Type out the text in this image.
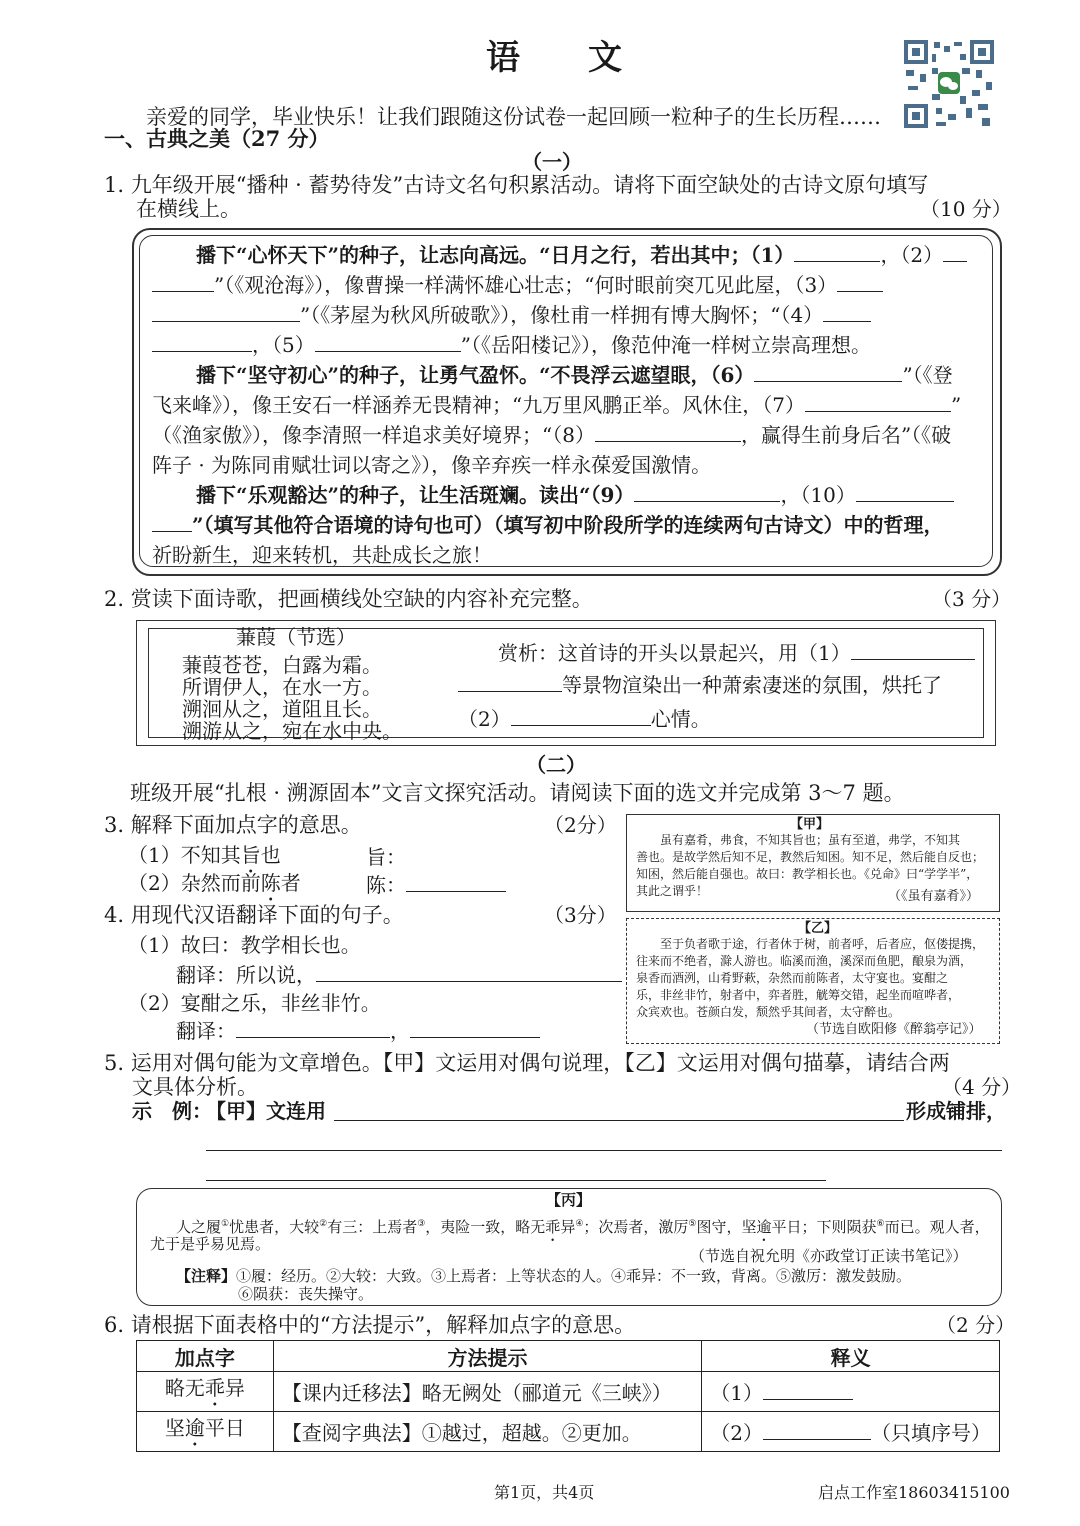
语　　文
亲爱的同学，毕业快乐！让我们跟随这份试卷一起回顾一粒种子的生长历程……
一、古典之美（27 分）
（一）
1. 九年级开展“播种 · 蓄势待发”古诗文名句积累活动。请将下面空缺处的古诗文原句填写
在横线上。	（10 分）
播下“心怀天下”的种子，让志向高远。“日月之行，若出其中；（1）	，（2）
”（《观沧海》），像曹操一样满怀雄心壮志；“何时眼前突兀见此屋，（3）
”（《茅屋为秋风所破歌》），像杜甫一样拥有博大胸怀；“（4）
，（5）	”（《岳阳楼记》），像范仲淹一样树立崇高理想。
播下“坚守初心”的种子，让勇气盈怀。“不畏浮云遮望眼，（6）	”（《登
飞来峰》），像王安石一样涵养无畏精神；“九万里风鹏正举。风休住，（7）	”
（《渔家傲》），像李清照一样追求美好境界；“（8）	，赢得生前身后名”（《破
阵子 · 为陈同甫赋壮词以寄之》），像辛弃疾一样永葆爱国激情。
播下“乐观豁达”的种子，让生活斑斓。读出“（9）	，（10）
”（填写其他符合语境的诗句也可）（填写初中阶段所学的连续两句古诗文）中的哲理，
祈盼新生，迎来转机，共赴成长之旅！
2. 赏读下面诗歌，把画横线处空缺的内容补充完整。	（3 分）
蒹葭（节选）
蒹葭苍苍，白露为霜。
所谓伊人，在水一方。
溯洄从之，道阻且长。
溯游从之，宛在水中央。
赏析：这首诗的开头以景起兴，用（1）
等景物渲染出一种萧索凄迷的氛围，烘托了
（2）	心情。
（二）
班级开展“扎根 · 溯源固本”文言文探究活动。请阅读下面的选文并完成第 3～7 题。
3. 解释下面加点字的意思。	（2分）
（1）不知其旨也	旨：
（2）杂然而前陈者	陈：
4. 用现代汉语翻译下面的句子。	（3分）
（1）故曰：教学相长也。
翻译：所以说，
（2）宴酣之乐，非丝非竹。
翻译：	，
【甲】
　　虽有嘉肴，弗食，不知其旨也；虽有至道，弗学，不知其
善也。是故学然后知不足，教然后知困。知不足，然后能自反也；
知困，然后能自强也。故曰：教学相长也。《兑命》曰“学学半”，
其此之谓乎！	（《虽有嘉肴》）
【乙】
　　至于负者歌于途，行者休于树，前者呼，后者应，伛偻提携，
往来而不绝者，滁人游也。临溪而渔，溪深而鱼肥，酿泉为酒，
泉香而酒洌，山肴野蔌，杂然而前陈者，太守宴也。宴酣之
乐，非丝非竹，射者中，弈者胜，觥筹交错，起坐而喧哗者，
众宾欢也。苍颜白发，颓然乎其间者，太守醉也。
（节选自欧阳修《醉翁亭记》）
5. 运用对偶句能为文章增色。【甲】文运用对偶句说理，【乙】文运用对偶句描摹，请结合两
文具体分析。	（4 分）
示　例：
【甲】文连用	形成铺排，
【丙】
人之履①忧患者，大较②有三：上焉者③，夷险一致，略无乖异④；次焉者，激厉⑤图守，坚逾平日；下则陨获⑥而已。观人者，
尤于是乎易见焉。
（节选自祝允明《亦政堂订正读书笔记》）
【注释】①履：经历。②大较：大致。③上焉者：上等状态的人。④乖异：不一致，背离。⑤激厉：激发鼓励。
⑥陨获：丧失操守。
6. 请根据下面表格中的“方法提示”，解释加点字的意思。	（2 分）
加点字	方法提示	释义
略无乖异	【课内迁移法】略无阙处（郦道元《三峡》）	（1）
坚逾平日	【查阅字典法】①越过，超越。②更加。	（2） （只填序号）
第1页，共4页	启点工作室18603415100
